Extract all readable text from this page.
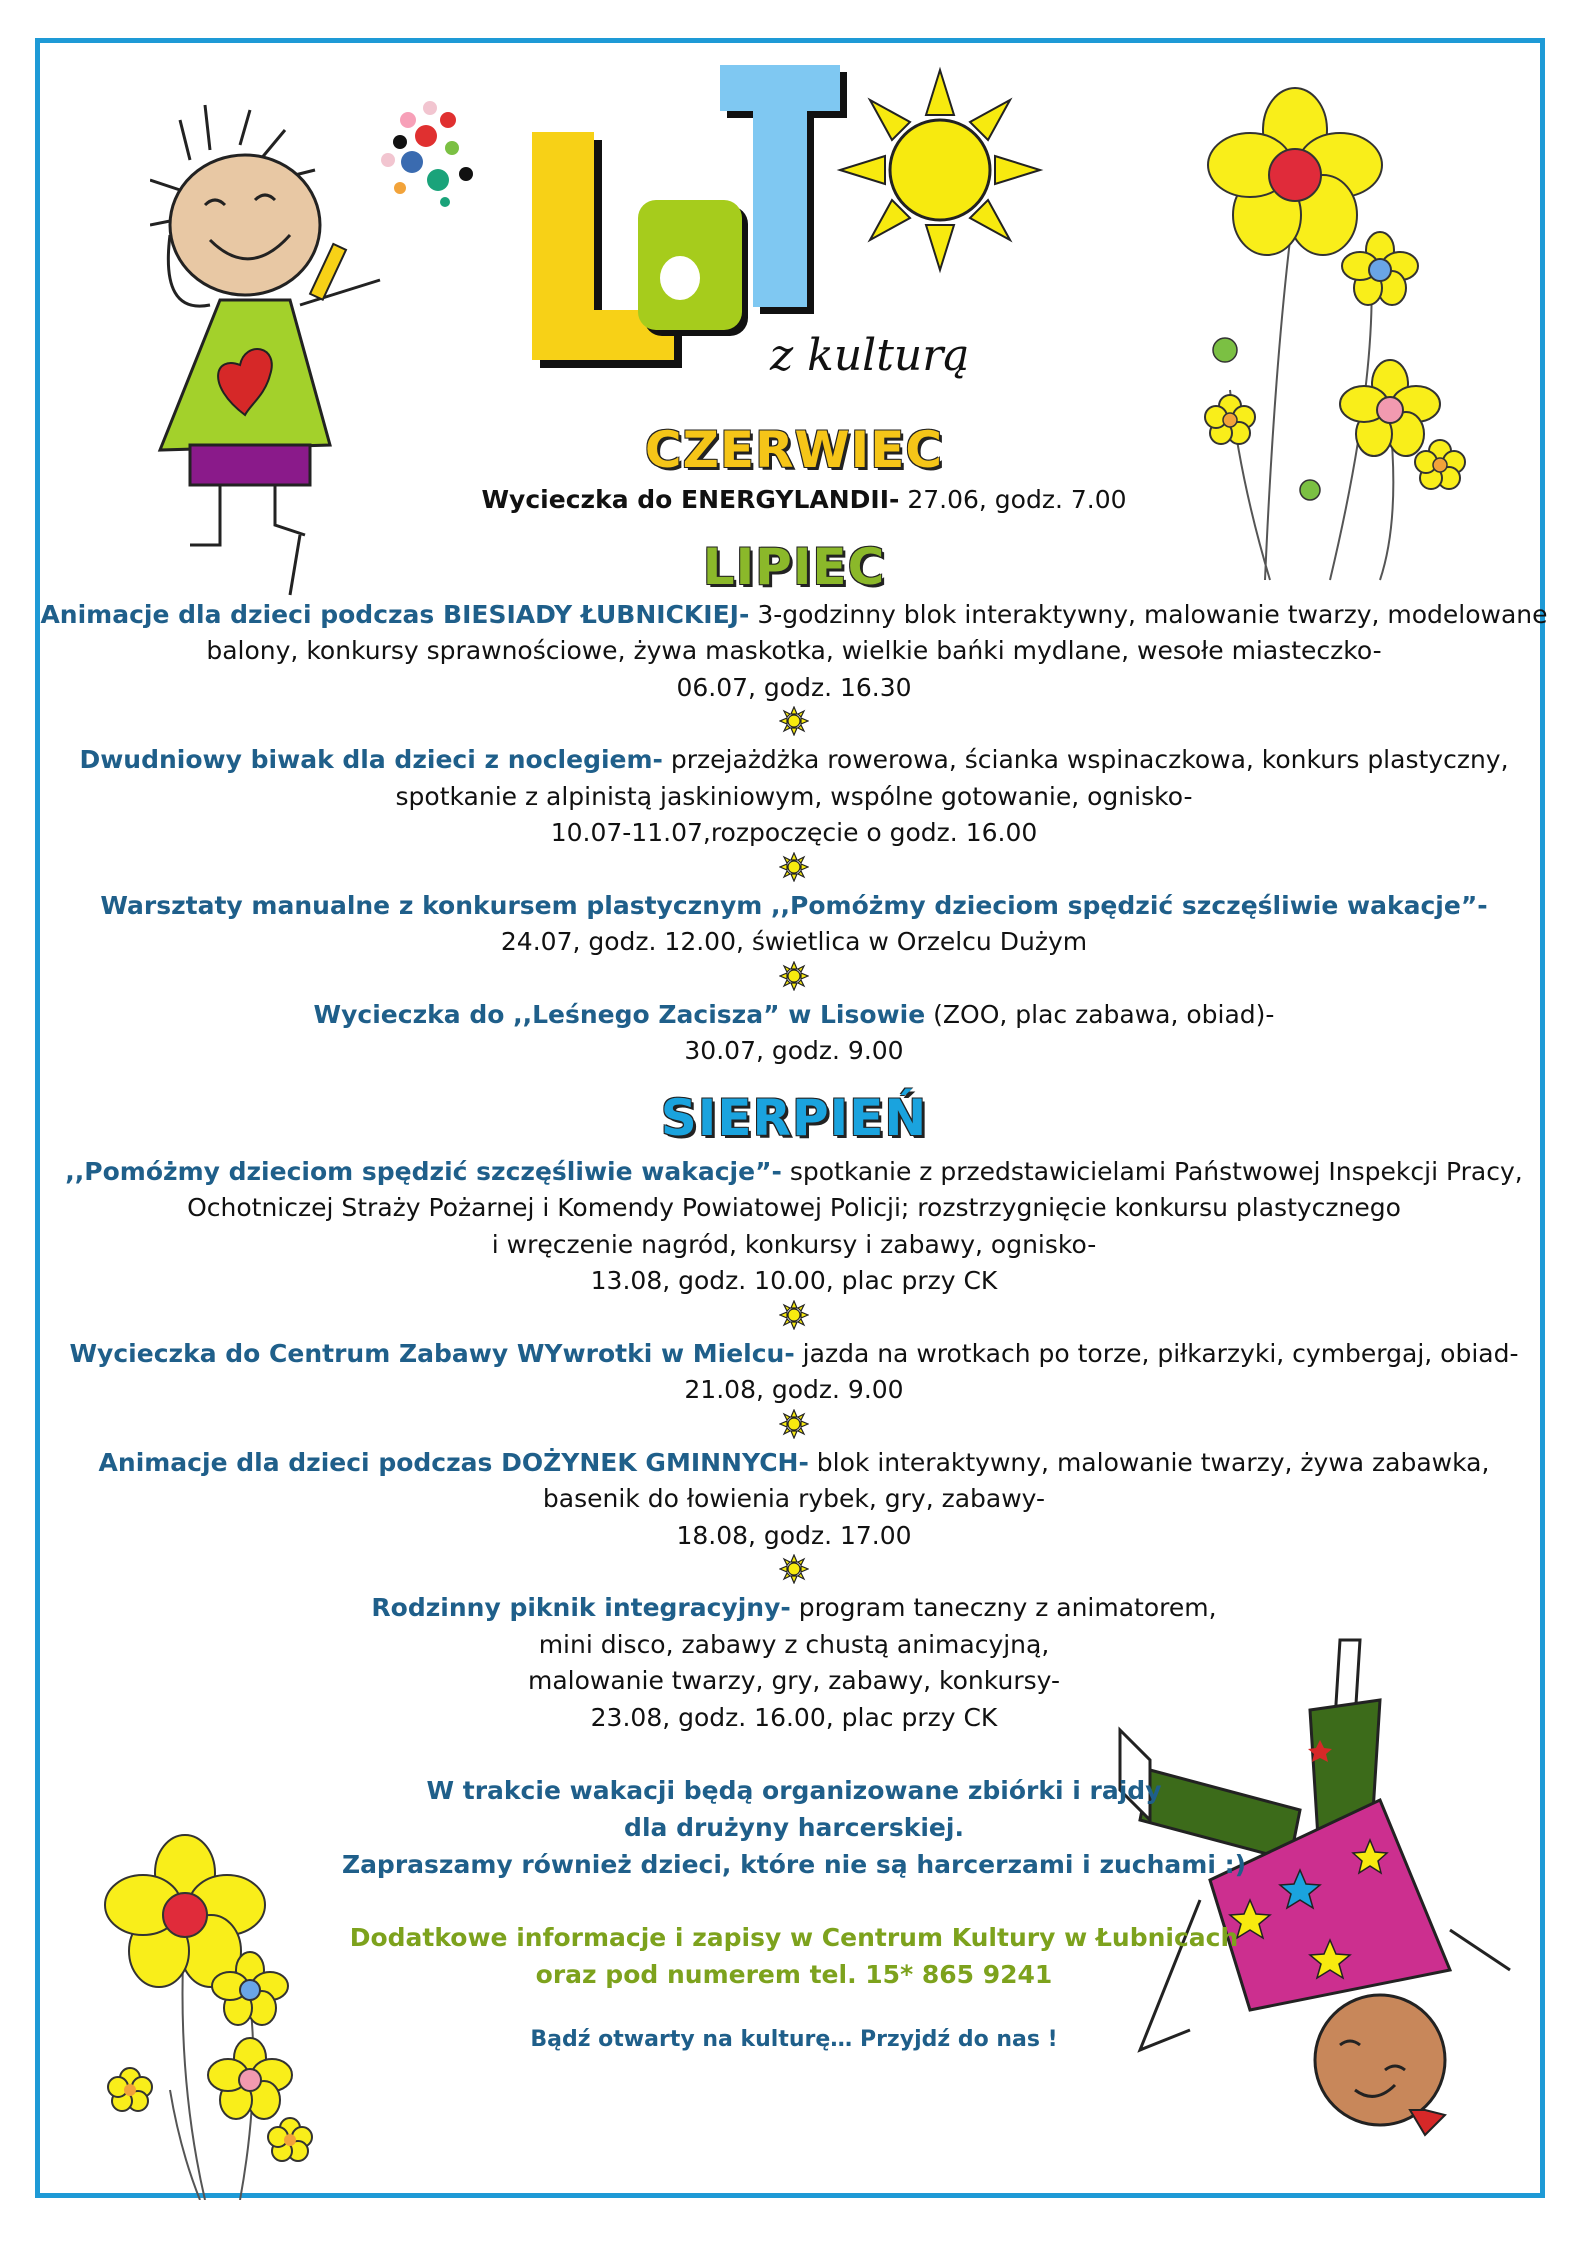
z kulturą
CZERWIEC

Wycieczka do ENERGYLANDII- 27.06, godz. 7.00

LIPIEC

Animacje dla dzieci podczas BIESIADY ŁUBNICKIEJ- 3-godzinny blok interaktywny, malowanie twarzy, modelowane

balony, konkursy sprawnościowe, żywa maskotka, wielkie bańki mydlane, wesołe miasteczko-

06.07, godz. 16.30

Dwudniowy biwak dla dzieci z noclegiem- przejażdżka rowerowa, ścianka wspinaczkowa, konkurs plastyczny,

spotkanie z alpinistą jaskiniowym, wspólne gotowanie, ognisko-

10.07-11.07,rozpoczęcie o godz. 16.00

Warsztaty manualne z konkursem plastycznym ,,Pomóżmy dzieciom spędzić szczęśliwie wakacje”-

24.07, godz. 12.00, świetlica w Orzelcu Dużym

Wycieczka do ,,Leśnego Zacisza” w Lisowie (ZOO, plac zabawa, obiad)-

30.07, godz. 9.00

SIERPIEŃ

,,Pomóżmy dzieciom spędzić szczęśliwie wakacje”- spotkanie z przedstawicielami Państwowej Inspekcji Pracy,

Ochotniczej Straży Pożarnej i Komendy Powiatowej Policji; rozstrzygnięcie konkursu plastycznego

i wręczenie nagród, konkursy i zabawy, ognisko-

13.08, godz. 10.00, plac przy CK

Wycieczka do Centrum Zabawy WYwrotki w Mielcu- jazda na wrotkach po torze, piłkarzyki, cymbergaj, obiad-

21.08, godz. 9.00

Animacje dla dzieci podczas DOŻYNEK GMINNYCH- blok interaktywny, malowanie twarzy, żywa zabawka,

basenik do łowienia rybek, gry, zabawy-

18.08, godz. 17.00

Rodzinny piknik integracyjny- program taneczny z animatorem,

mini disco, zabawy z chustą animacyjną,

malowanie twarzy, gry, zabawy, konkursy-

23.08, godz. 16.00, plac przy CK

W trakcie wakacji będą organizowane zbiórki i rajdy

dla drużyny harcerskiej.

Zapraszamy również dzieci, które nie są harcerzami i zuchami :)

Dodatkowe informacje i zapisy w Centrum Kultury w Łubnicach

oraz pod numerem tel. 15* 865 9241

Bądź otwarty na kulturę… Przyjdź do nas !
